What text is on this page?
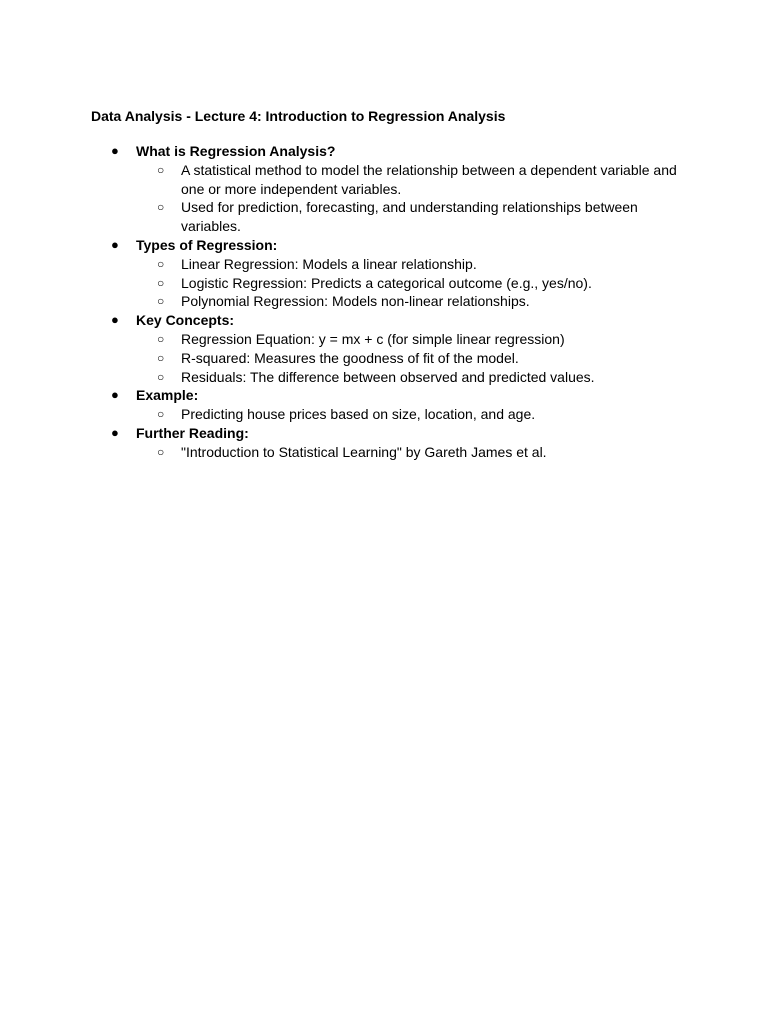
Data Analysis - Lecture 4: Introduction to Regression Analysis
● What is Regression Analysis?
○ A statistical method to model the relationship between a dependent variable and one or more independent variables.
○ Used for prediction, forecasting, and understanding relationships between variables.
● Types of Regression:
○ Linear Regression: Models a linear relationship.
○ Logistic Regression: Predicts a categorical outcome (e.g., yes/no).
○ Polynomial Regression: Models non-linear relationships.
● Key Concepts:
○ Regression Equation: y = mx + c (for simple linear regression)
○ R-squared: Measures the goodness of fit of the model.
○ Residuals: The difference between observed and predicted values.
● Example:
○ Predicting house prices based on size, location, and age.
● Further Reading:
○ "Introduction to Statistical Learning" by Gareth James et al.
